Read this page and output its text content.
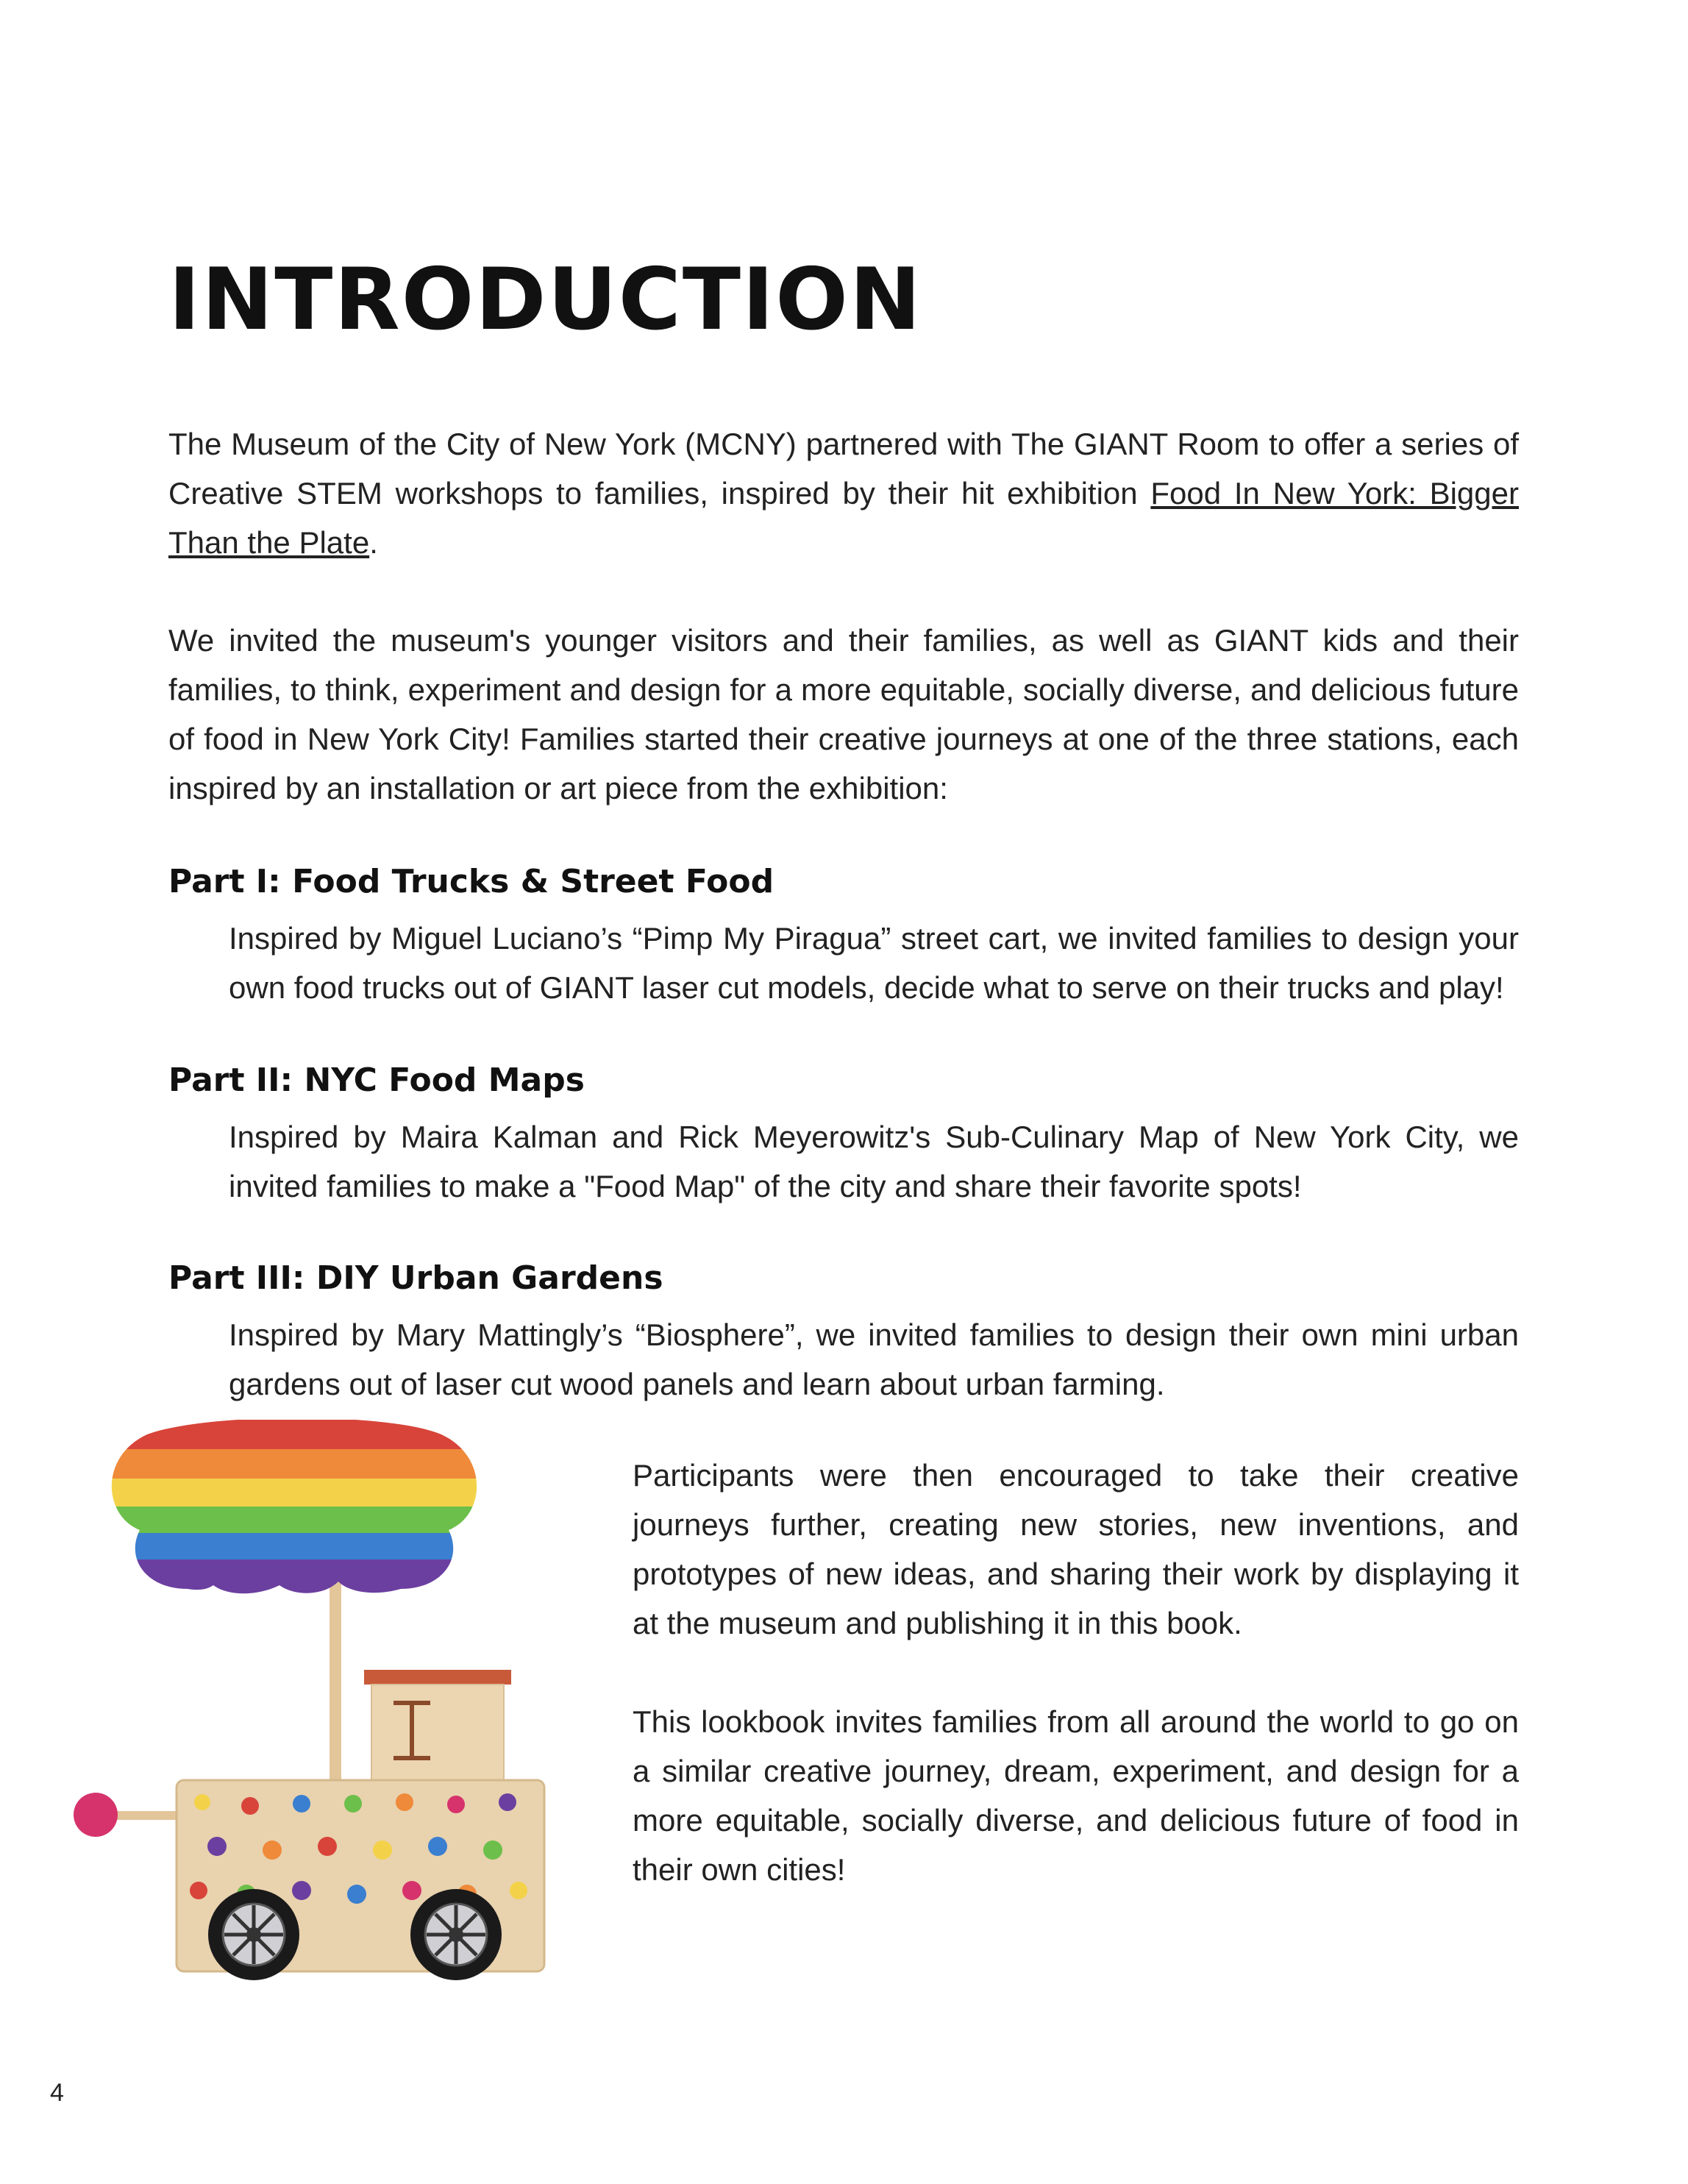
INTRODUCTION

The Museum of the City of New York (MCNY) partnered with The GIANT Room to offer a series of Creative STEM workshops to families, inspired by their hit exhibition Food In New York: Bigger Than the Plate.

We invited the museum's younger visitors and their families, as well as GIANT kids and their families, to think, experiment and design for a more equitable, socially diverse, and delicious future of food in New York City! Families started their creative journeys at one of the three stations, each inspired by an installation or art piece from the exhibition:

Part I: Food Trucks & Street Food

Inspired by Miguel Luciano’s “Pimp My Piragua” street cart, we invited families to design your own food trucks out of GIANT laser cut models, decide what to serve on their trucks and play!

Part II: NYC Food Maps

Inspired by Maira Kalman and Rick Meyerowitz's Sub-Culinary Map of New York City, we invited families to make a "Food Map" of the city and share their favorite spots!

Part III: DIY Urban Gardens

Inspired by Mary Mattingly’s “Biosphere”, we invited families to design their own mini urban gardens out of laser cut wood panels and learn about urban farming.

Participants were then encouraged to take their creative journeys further, creating new stories, new inventions, and prototypes of new ideas, and sharing their work by displaying it at the museum and publishing it in this book.

This lookbook invites families from all around the world to go on a similar creative journey, dream, experiment, and design for a more equitable, socially diverse, and delicious future of food in their own cities!

4
